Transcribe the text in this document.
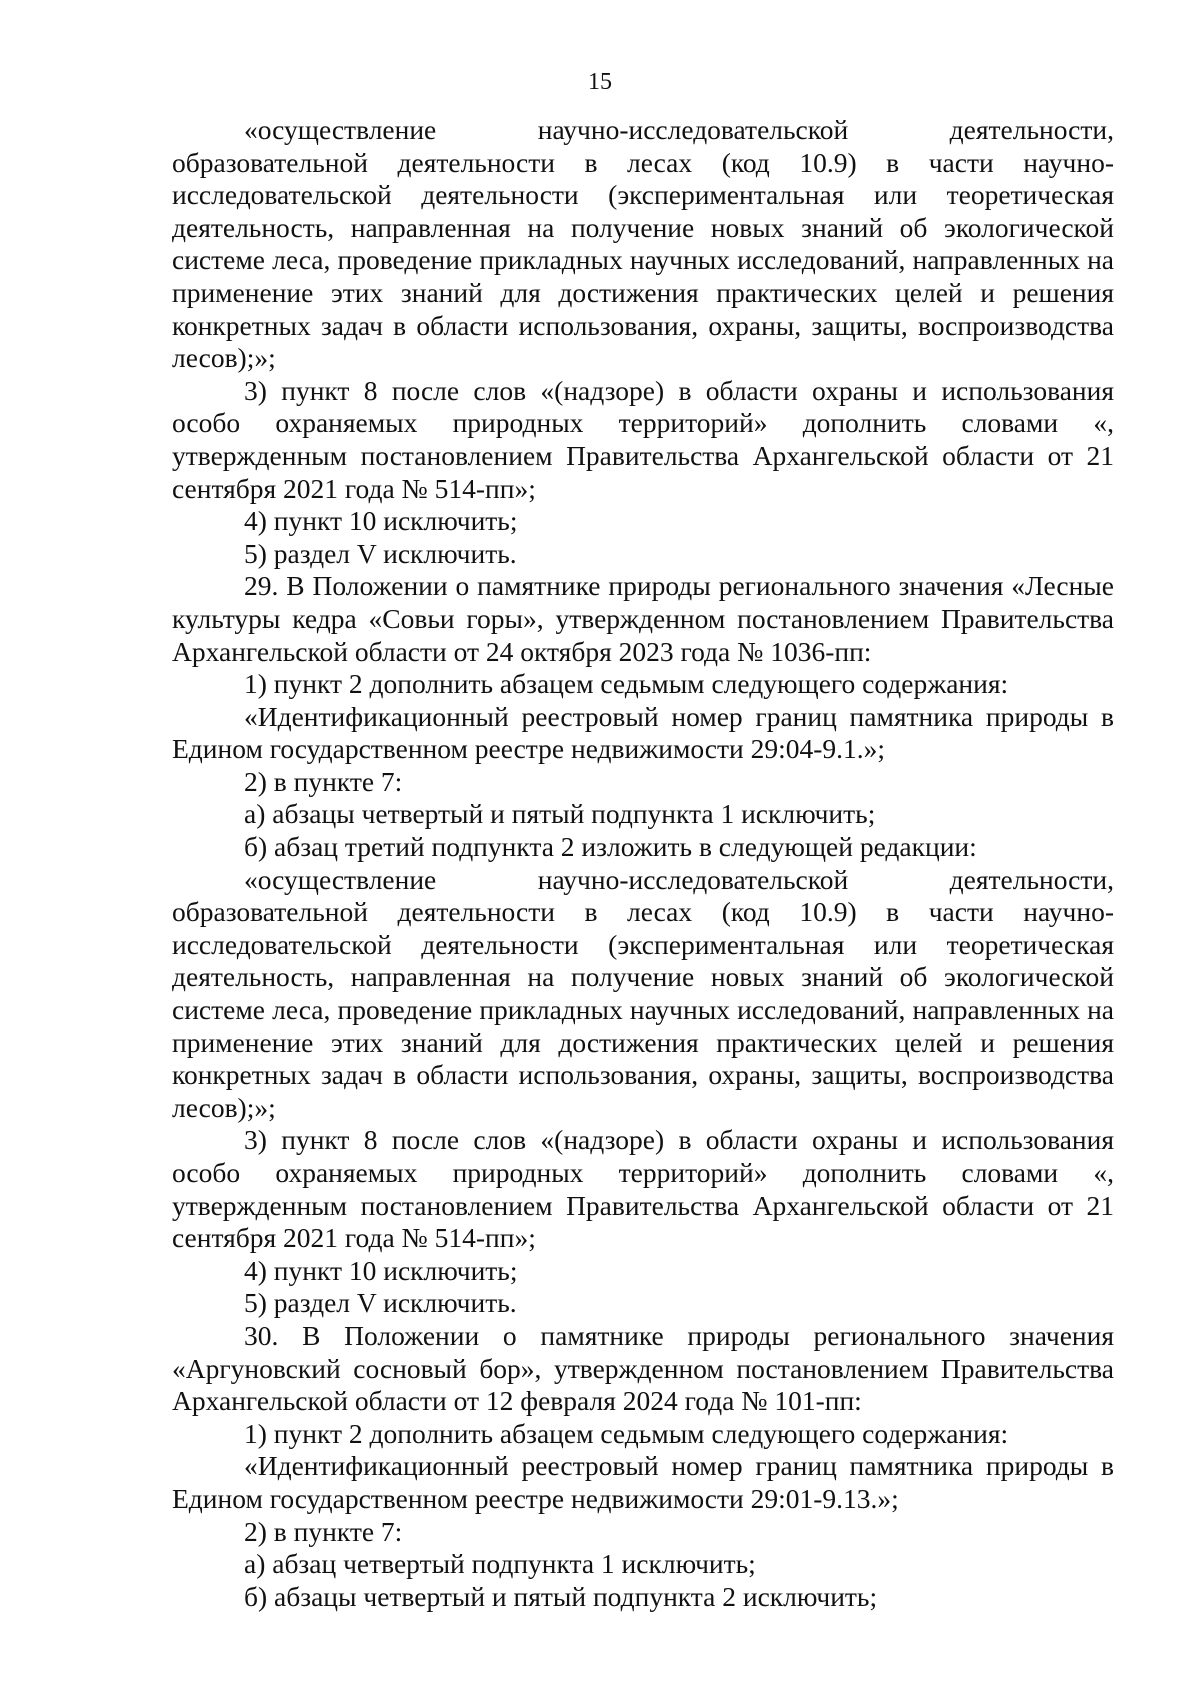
15

«осуществление научно-исследовательской деятельности, образовательной деятельности в лесах (код 10.9) в части научно-исследовательской деятельности (экспериментальная или теоретическая деятельность, направленная на получение новых знаний об экологической системе леса, проведение прикладных научных исследований, направленных на применение этих знаний для достижения практических целей и решения конкретных задач в области использования, охраны, защиты, воспроизводства лесов);»;

3) пункт 8 после слов «(надзоре) в области охраны и использования особо охраняемых природных территорий» дополнить словами «, утвержденным постановлением Правительства Архангельской области от 21 сентября 2021 года № 514-пп»;

4) пункт 10 исключить;

5) раздел V исключить.

29. В Положении о памятнике природы регионального значения «Лесные культуры кедра «Совьи горы», утвержденном постановлением Правительства Архангельской области от 24 октября 2023 года № 1036-пп:

1) пункт 2 дополнить абзацем седьмым следующего содержания:

«Идентификационный реестровый номер границ памятника природы в Едином государственном реестре недвижимости 29:04-9.1.»;

2) в пункте 7:

а) абзацы четвертый и пятый подпункта 1 исключить;

б) абзац третий подпункта 2 изложить в следующей редакции:

«осуществление научно-исследовательской деятельности, образовательной деятельности в лесах (код 10.9) в части научно-исследовательской деятельности (экспериментальная или теоретическая деятельность, направленная на получение новых знаний об экологической системе леса, проведение прикладных научных исследований, направленных на применение этих знаний для достижения практических целей и решения конкретных задач в области использования, охраны, защиты, воспроизводства лесов);»;

3) пункт 8 после слов «(надзоре) в области охраны и использования особо охраняемых природных территорий» дополнить словами «, утвержденным постановлением Правительства Архангельской области от 21 сентября 2021 года № 514-пп»;

4) пункт 10 исключить;

5) раздел V исключить.

30. В Положении о памятнике природы регионального значения «Аргуновский сосновый бор», утвержденном постановлением Правительства Архангельской области от 12 февраля 2024 года № 101-пп:

1) пункт 2 дополнить абзацем седьмым следующего содержания:

«Идентификационный реестровый номер границ памятника природы в Едином государственном реестре недвижимости 29:01-9.13.»;

2) в пункте 7:

а) абзац четвертый подпункта 1 исключить;

б) абзацы четвертый и пятый подпункта 2 исключить;
